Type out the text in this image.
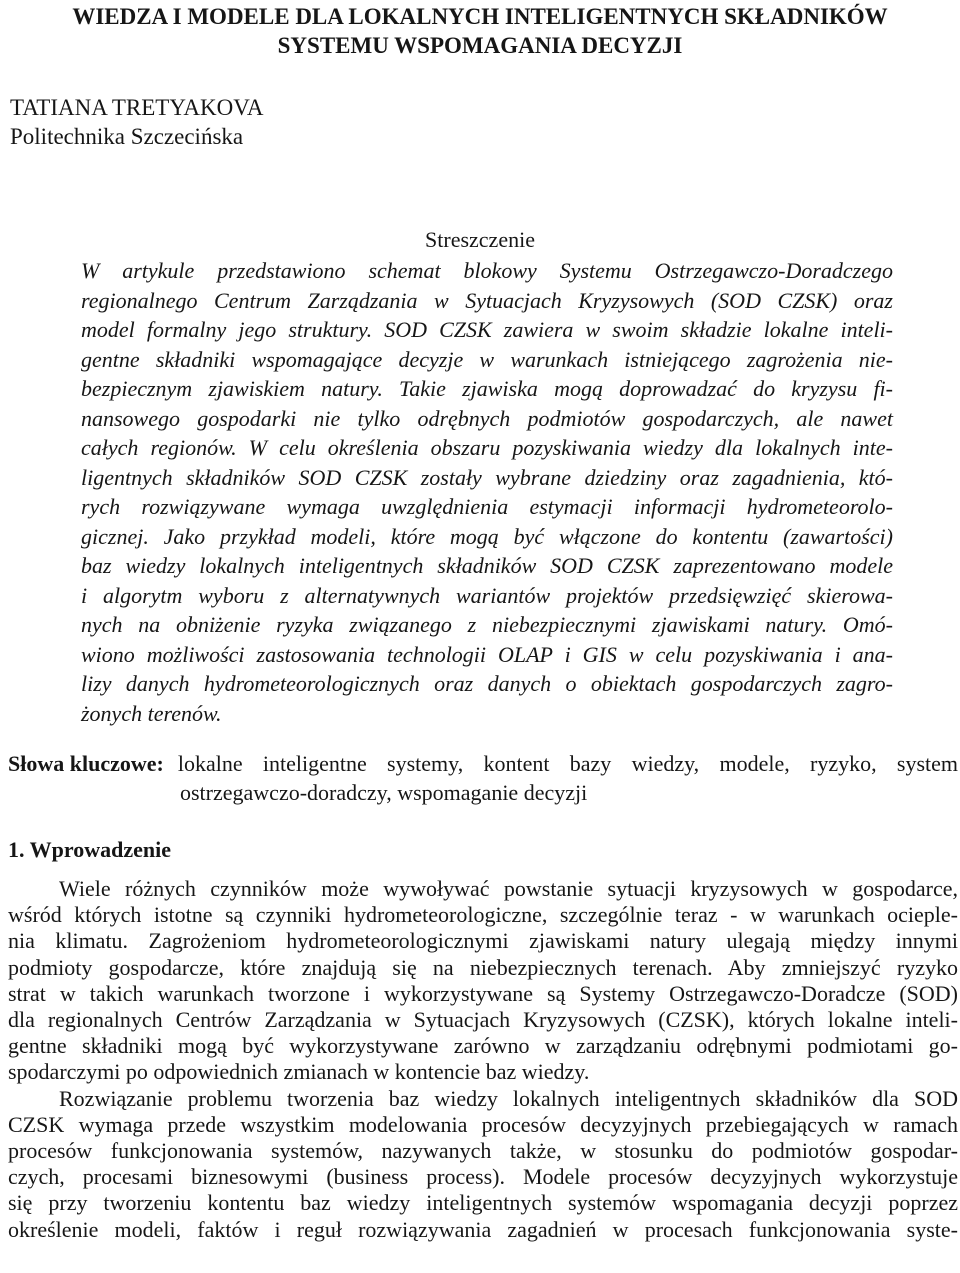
WIEDZA I MODELE DLA LOKALNYCH INTELIGENTNYCH SKŁADNIKÓW
SYSTEMU WSPOMAGANIA DECYZJI
TATIANA TRETYAKOVA
Politechnika Szczecińska
Streszczenie
W artykule przedstawiono schemat blokowy Systemu Ostrzegawczo-Doradczego
regionalnego Centrum Zarządzania w Sytuacjach Kryzysowych (SOD CZSK) oraz
model formalny jego struktury. SOD CZSK zawiera w swoim składzie lokalne inteli-
gentne składniki wspomagające decyzje w warunkach istniejącego zagrożenia nie-
bezpiecznym zjawiskiem natury. Takie zjawiska mogą doprowadzać do kryzysu fi-
nansowego gospodarki nie tylko odrębnych podmiotów gospodarczych, ale nawet
całych regionów. W celu określenia obszaru pozyskiwania wiedzy dla lokalnych inte-
ligentnych składników SOD CZSK zostały wybrane dziedziny oraz zagadnienia, któ-
rych rozwiązywane wymaga uwzględnienia estymacji informacji hydrometeorolo-
gicznej. Jako przykład modeli, które mogą być włączone do kontentu (zawartości)
baz wiedzy lokalnych inteligentnych składników SOD CZSK zaprezentowano modele
i algorytm wyboru z alternatywnych wariantów projektów przedsięwzięć skierowa-
nych na obniżenie ryzyka związanego z niebezpiecznymi zjawiskami natury. Omó-
wiono możliwości zastosowania technologii OLAP i GIS w celu pozyskiwania i ana-
lizy danych hydrometeorologicznych oraz danych o obiektach gospodarczych zagro-
żonych terenów.
Słowa kluczowe: lokalne inteligentne systemy, kontent bazy wiedzy, modele, ryzyko, system
ostrzegawczo-doradczy, wspomaganie decyzji
1. Wprowadzenie
Wiele różnych czynników może wywoływać powstanie sytuacji kryzysowych w gospodarce,
wśród których istotne są czynniki hydrometeorologiczne, szczególnie teraz - w warunkach ocieple-
nia klimatu. Zagrożeniom hydrometeorologicznymi zjawiskami natury ulegają między innymi
podmioty gospodarcze, które znajdują się na niebezpiecznych terenach. Aby zmniejszyć ryzyko
strat w takich warunkach tworzone i wykorzystywane są Systemy Ostrzegawczo-Doradcze (SOD)
dla regionalnych Centrów Zarządzania w Sytuacjach Kryzysowych (CZSK), których lokalne inteli-
gentne składniki mogą być wykorzystywane zarówno w zarządzaniu odrębnymi podmiotami go-
spodarczymi po odpowiednich zmianach w kontencie baz wiedzy.
Rozwiązanie problemu tworzenia baz wiedzy lokalnych inteligentnych składników dla SOD
CZSK wymaga przede wszystkim modelowania procesów decyzyjnych przebiegających w ramach
procesów funkcjonowania systemów, nazywanych także, w stosunku do podmiotów gospodar-
czych, procesami biznesowymi (business process). Modele procesów decyzyjnych wykorzystuje
się przy tworzeniu kontentu baz wiedzy inteligentnych systemów wspomagania decyzji poprzez
określenie modeli, faktów i reguł rozwiązywania zagadnień w procesach funkcjonowania syste-
